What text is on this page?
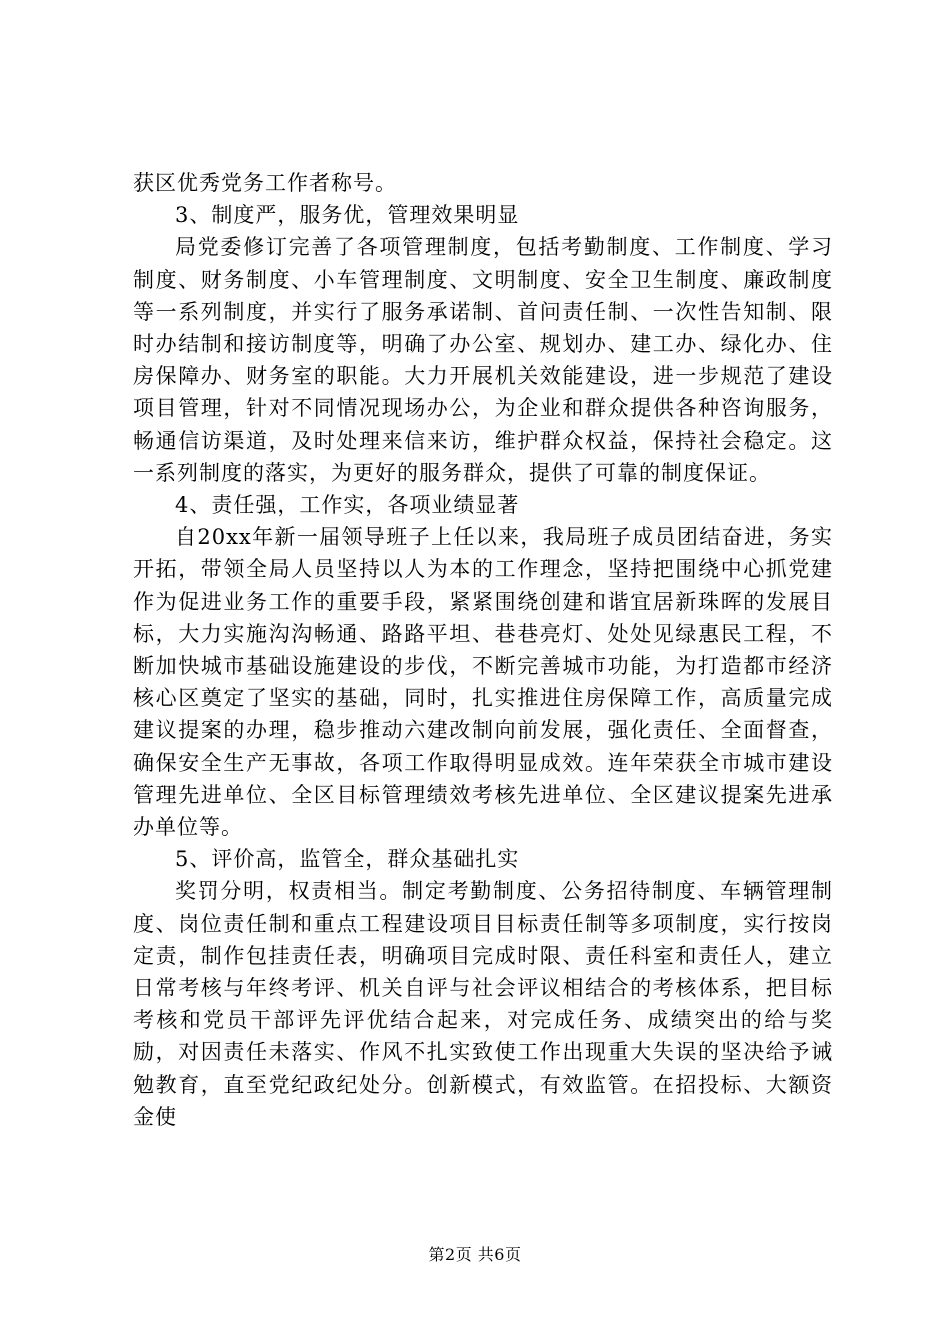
获区优秀党务工作者称号。

3、制度严，服务优，管理效果明显

局党委修订完善了各项管理制度，包括考勤制度、工作制度、学习制度、财务制度、小车管理制度、文明制度、安全卫生制度、廉政制度等一系列制度，并实行了服务承诺制、首问责任制、一次性告知制、限时办结制和接访制度等，明确了办公室、规划办、建工办、绿化办、住房保障办、财务室的职能。大力开展机关效能建设，进一步规范了建设项目管理，针对不同情况现场办公，为企业和群众提供各种咨询服务，畅通信访渠道，及时处理来信来访，维护群众权益，保持社会稳定。这一系列制度的落实，为更好的服务群众，提供了可靠的制度保证。

4、责任强，工作实，各项业绩显著

自20xx年新一届领导班子上任以来，我局班子成员团结奋进，务实开拓，带领全局人员坚持以人为本的工作理念，坚持把围绕中心抓党建作为促进业务工作的重要手段，紧紧围绕创建和谐宜居新珠晖的发展目标，大力实施沟沟畅通、路路平坦、巷巷亮灯、处处见绿惠民工程，不断加快城市基础设施建设的步伐，不断完善城市功能，为打造都市经济核心区奠定了坚实的基础，同时，扎实推进住房保障工作，高质量完成建议提案的办理，稳步推动六建改制向前发展，强化责任、全面督查，确保安全生产无事故，各项工作取得明显成效。连年荣获全市城市建设管理先进单位、全区目标管理绩效考核先进单位、全区建议提案先进承办单位等。

5、评价高，监管全，群众基础扎实

奖罚分明，权责相当。制定考勤制度、公务招待制度、车辆管理制度、岗位责任制和重点工程建设项目目标责任制等多项制度，实行按岗定责，制作包挂责任表，明确项目完成时限、责任科室和责任人，建立日常考核与年终考评、机关自评与社会评议相结合的考核体系，把目标考核和党员干部评先评优结合起来，对完成任务、成绩突出的给与奖励，对因责任未落实、作风不扎实致使工作出现重大失误的坚决给予诫勉教育，直至党纪政纪处分。创新模式，有效监管。在招投标、大额资金使

第2页 共6页
